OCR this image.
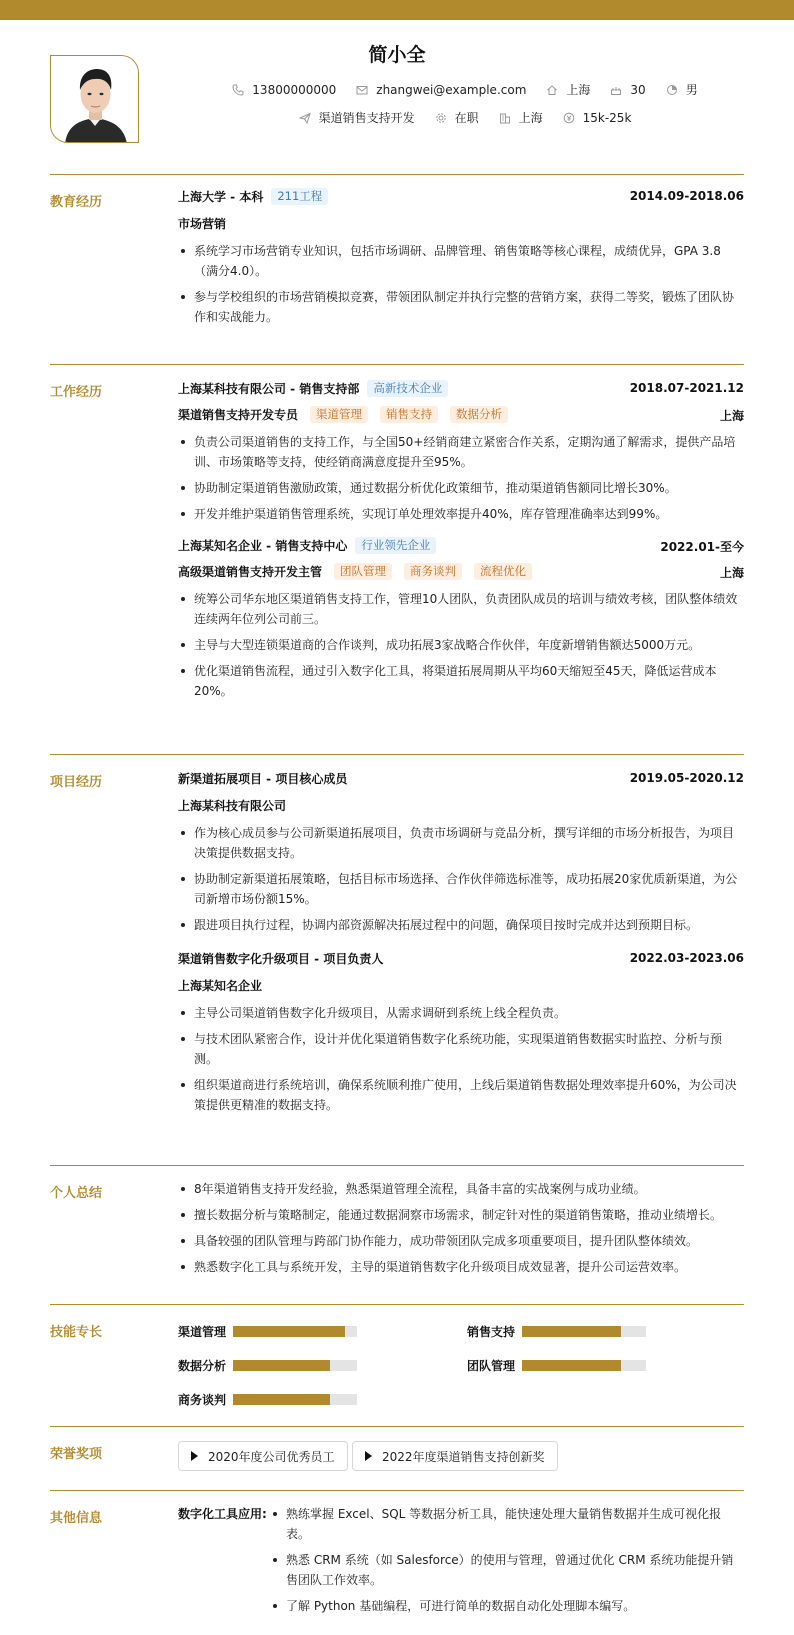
简小全
13800000000	zhangwei@example.com	上海	30	男
渠道销售支持开发	在职	上海	15k-25k
教育经历	上海大学 - 本科	211工程	2014.09-2018.06
市场营销
系统学习市场营销专业知识，包括市场调研、品牌管理、销售策略等核心课程，成绩优异，GPA 3.8（满分4.0）。
参与学校组织的市场营销模拟竞赛，带领团队制定并执行完整的营销方案，获得二等奖，锻炼了团队协作和实战能力。
工作经历	上海某科技有限公司 - 销售支持部	高新技术企业	2018.07-2021.12
渠道销售支持开发专员	渠道管理	销售支持	数据分析	上海
负责公司渠道销售的支持工作，与全国50+经销商建立紧密合作关系，定期沟通了解需求，提供产品培训、市场策略等支持，使经销商满意度提升至95%。
协助制定渠道销售激励政策，通过数据分析优化政策细节，推动渠道销售额同比增长30%。
开发并维护渠道销售管理系统，实现订单处理效率提升40%，库存管理准确率达到99%。
上海某知名企业 - 销售支持中心	行业领先企业	2022.01-至今
高级渠道销售支持开发主管	团队管理	商务谈判	流程优化	上海
统筹公司华东地区渠道销售支持工作，管理10人团队，负责团队成员的培训与绩效考核，团队整体绩效连续两年位列公司前三。
主导与大型连锁渠道商的合作谈判，成功拓展3家战略合作伙伴，年度新增销售额达5000万元。
优化渠道销售流程，通过引入数字化工具，将渠道拓展周期从平均60天缩短至45天，降低运营成本20%。
项目经历	新渠道拓展项目 - 项目核心成员	2019.05-2020.12
上海某科技有限公司
作为核心成员参与公司新渠道拓展项目，负责市场调研与竞品分析，撰写详细的市场分析报告，为项目决策提供数据支持。
协助制定新渠道拓展策略，包括目标市场选择、合作伙伴筛选标准等，成功拓展20家优质新渠道，为公司新增市场份额15%。
跟进项目执行过程，协调内部资源解决拓展过程中的问题，确保项目按时完成并达到预期目标。
渠道销售数字化升级项目 - 项目负责人	2022.03-2023.06
上海某知名企业
主导公司渠道销售数字化升级项目，从需求调研到系统上线全程负责。
与技术团队紧密合作，设计并优化渠道销售数字化系统功能，实现渠道销售数据实时监控、分析与预测。
组织渠道商进行系统培训，确保系统顺利推广使用，上线后渠道销售数据处理效率提升60%，为公司决策提供更精准的数据支持。
个人总结	8年渠道销售支持开发经验，熟悉渠道管理全流程，具备丰富的实战案例与成功业绩。
擅长数据分析与策略制定，能通过数据洞察市场需求，制定针对性的渠道销售策略，推动业绩增长。
具备较强的团队管理与跨部门协作能力，成功带领团队完成多项重要项目，提升团队整体绩效。
熟悉数字化工具与系统开发，主导的渠道销售数字化升级项目成效显著，提升公司运营效率。
技能专长	渠道管理	销售支持
数据分析	团队管理
商务谈判
荣誉奖项	2020年度公司优秀员工	2022年度渠道销售支持创新奖
其他信息	数字化工具应用:	熟练掌握 Excel、SQL 等数据分析工具，能快速处理大量销售数据并生成可视化报表。
熟悉 CRM 系统（如 Salesforce）的使用与管理，曾通过优化 CRM 系统功能提升销售团队工作效率。
了解 Python 基础编程，可进行简单的数据自动化处理脚本编写。
